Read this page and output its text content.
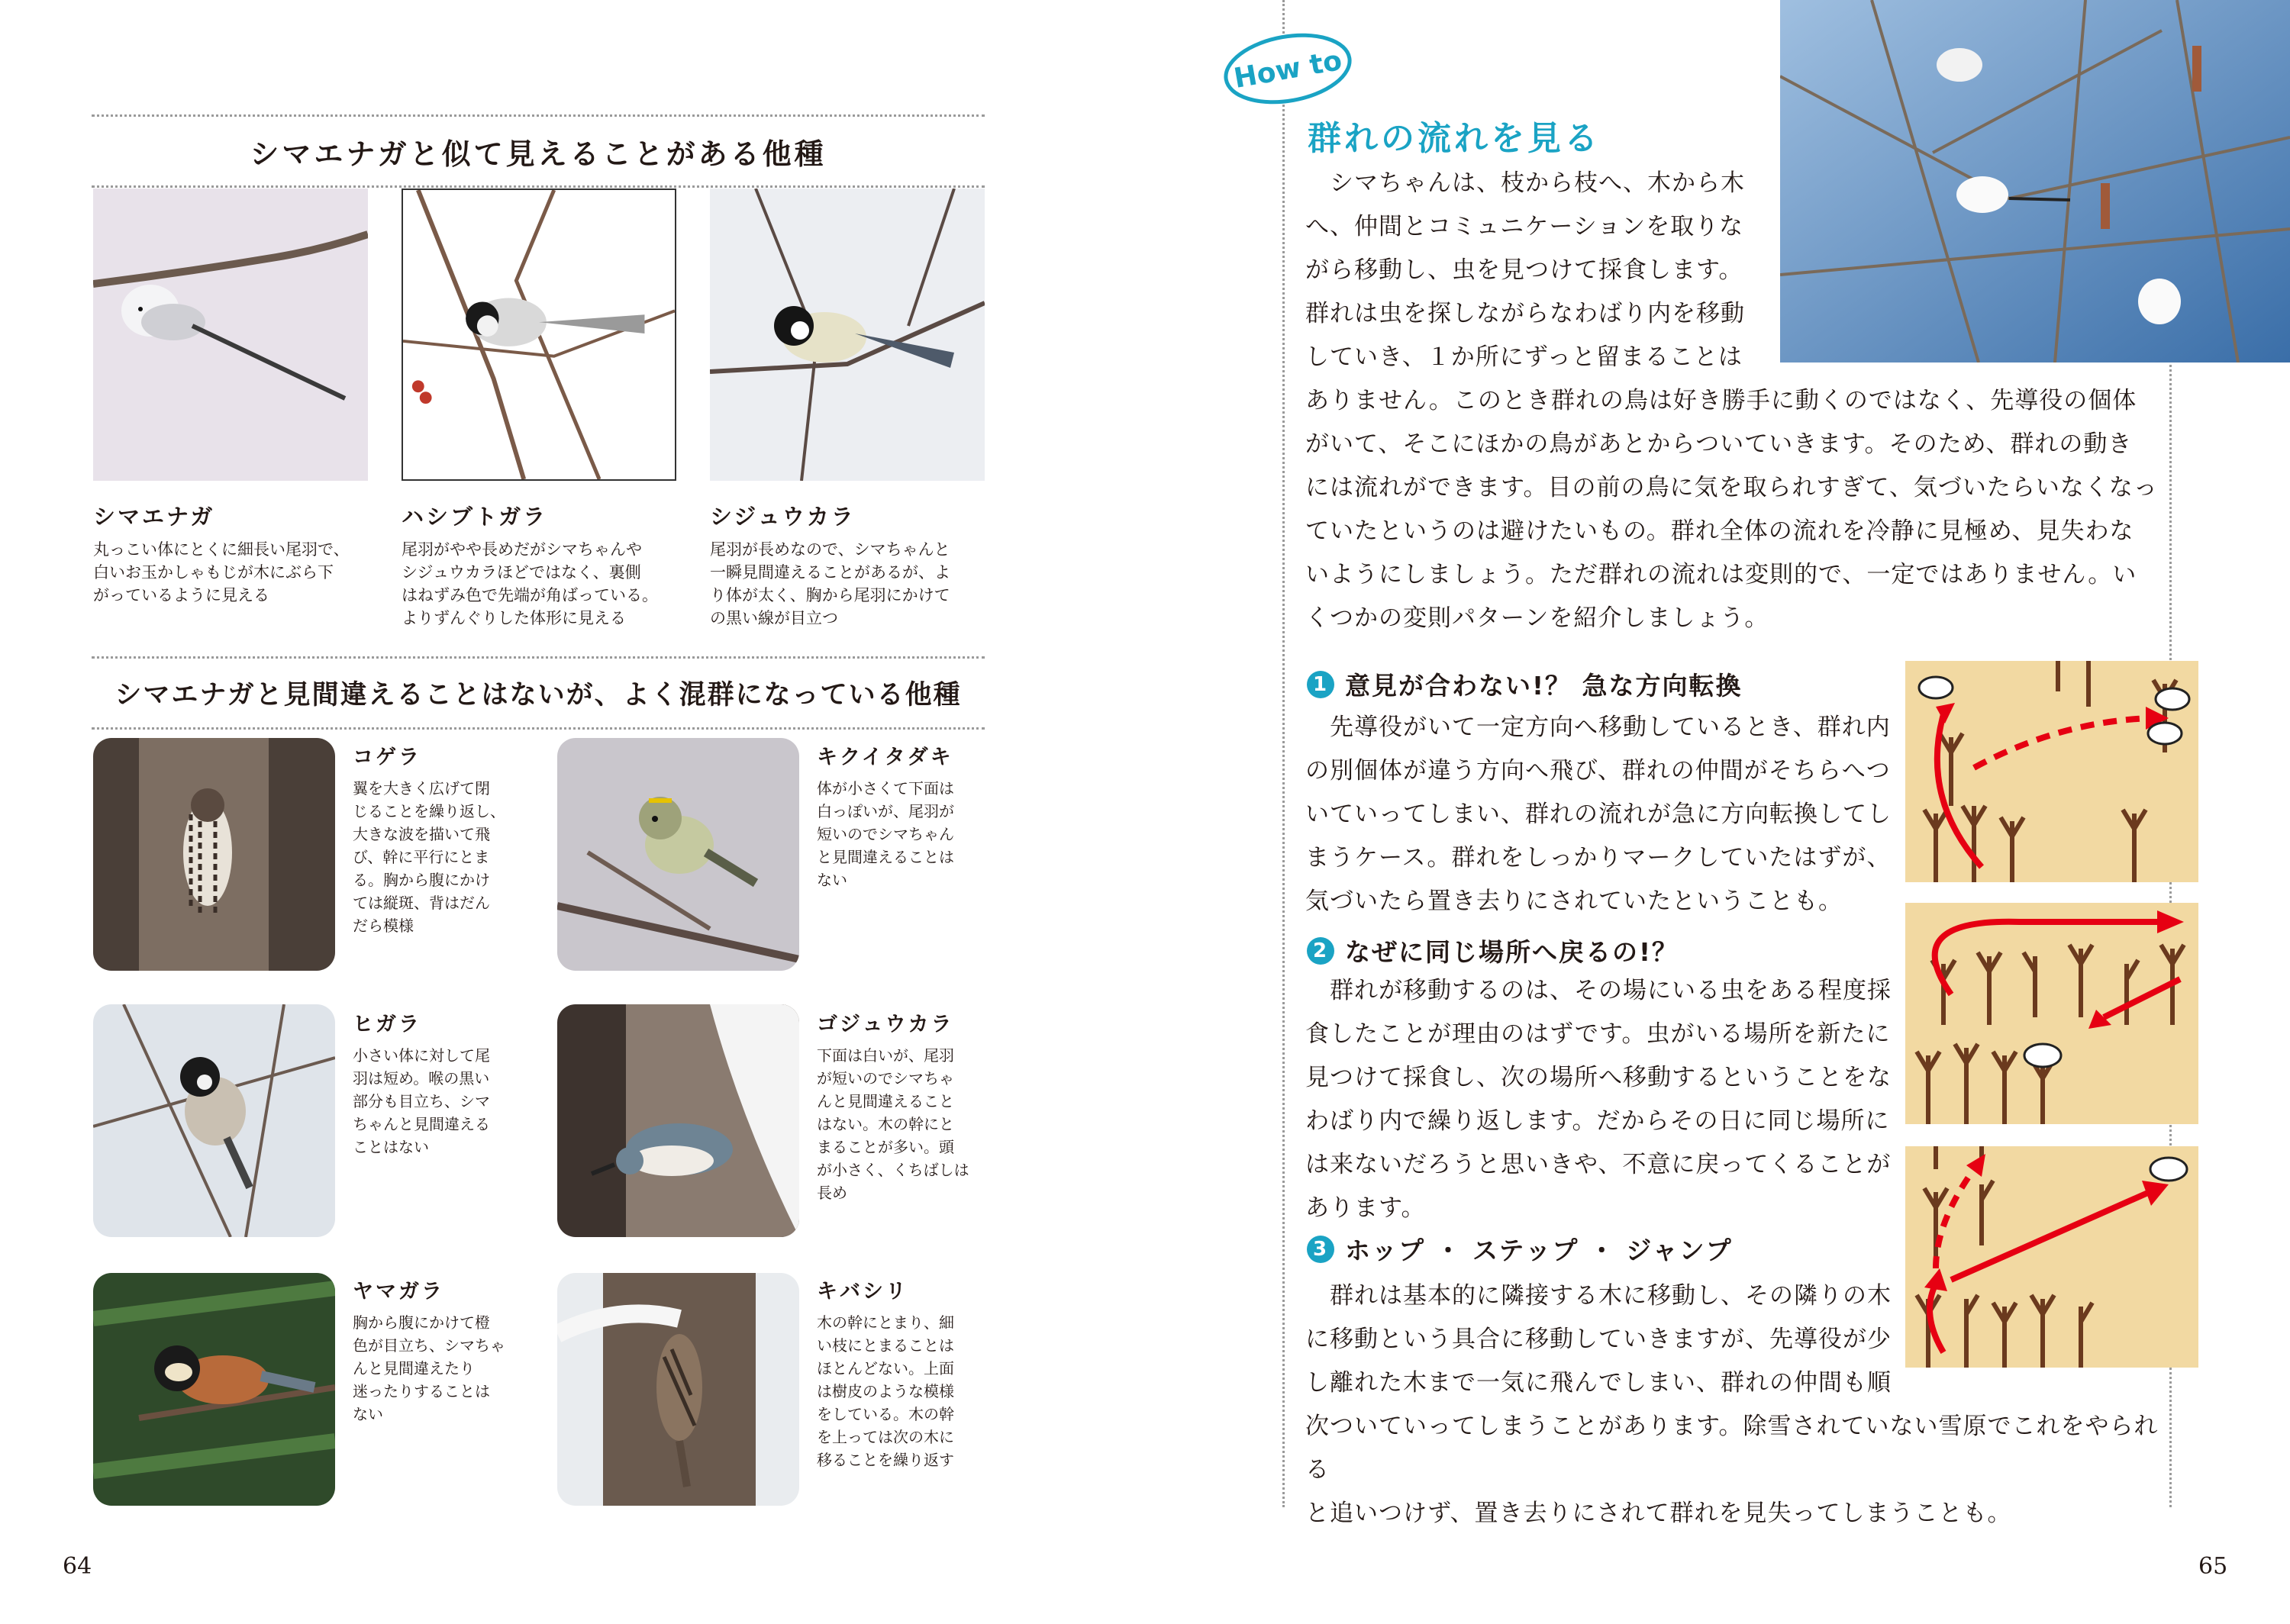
シマエナガと似て見えることがある他種
シマエナガ
丸っこい体にとくに細長い尾羽で、
白いお玉かしゃもじが木にぶら下
がっているように見える
ハシブトガラ
尾羽がやや長めだがシマちゃんや
シジュウカラほどではなく、裏側
はねずみ色で先端が角ばっている。
よりずんぐりした体形に見える
シジュウカラ
尾羽が長めなので、シマちゃんと
一瞬見間違えることがあるが、よ
り体が太く、胸から尾羽にかけて
の黒い線が目立つ
シマエナガと見間違えることはないが、よく混群になっている他種
コゲラ
翼を大きく広げて閉
じることを繰り返し、
大きな波を描いて飛
び、幹に平行にとま
る。胸から腹にかけ
ては縦斑、背はだん
だら模様
キクイタダキ
体が小さくて下面は
白っぽいが、尾羽が
短いのでシマちゃん
と見間違えることは
ない
ヒガラ
小さい体に対して尾
羽は短め。喉の黒い
部分も目立ち、シマ
ちゃんと見間違える
ことはない
ゴジュウカラ
下面は白いが、尾羽
が短いのでシマちゃ
んと見間違えること
はない。木の幹にと
まることが多い。頭
が小さく、くちばしは
長め
ヤマガラ
胸から腹にかけて橙
色が目立ち、シマちゃ
んと見間違えたり
迷ったりすることは
ない
キバシリ
木の幹にとまり、細
い枝にとまることは
ほとんどない。上面
は樹皮のような模様
をしている。木の幹
を上っては次の木に
移ることを繰り返す
64
How to
群れの流れを見る
　シマちゃんは、枝から枝へ、木から木
へ、仲間とコミュニケーションを取りな
がら移動し、虫を見つけて採食します。
群れは虫を探しながらなわばり内を移動
していき、１か所にずっと留まることは
ありません。このとき群れの鳥は好き勝手に動くのではなく、先導役の個体
がいて、そこにほかの鳥があとからついていきます。そのため、群れの動き
には流れができます。目の前の鳥に気を取られすぎて、気づいたらいなくなっ
ていたというのは避けたいもの。群れ全体の流れを冷静に見極め、見失わな
いようにしましょう。ただ群れの流れは変則的で、一定ではありません。い
くつかの変則パターンを紹介しましょう。
1 意見が合わない!？ 急な方向転換
　先導役がいて一定方向へ移動しているとき、群れ内
の別個体が違う方向へ飛び、群れの仲間がそちらへつ
いていってしまい、群れの流れが急に方向転換してし
まうケース。群れをしっかりマークしていたはずが、
気づいたら置き去りにされていたということも。
2 なぜに同じ場所へ戻るの!？
　群れが移動するのは、その場にいる虫をある程度採
食したことが理由のはずです。虫がいる場所を新たに
見つけて採食し、次の場所へ移動するということをな
わばり内で繰り返します。だからその日に同じ場所に
は来ないだろうと思いきや、不意に戻ってくることが
あります。
3 ホップ ・ ステップ ・ ジャンプ
　群れは基本的に隣接する木に移動し、その隣りの木
に移動という具合に移動していきますが、先導役が少
し離れた木まで一気に飛んでしまい、群れの仲間も順
次ついていってしまうことがあります。除雪されていない雪原でこれをやられる
と追いつけず、置き去りにされて群れを見失ってしまうことも。
65
